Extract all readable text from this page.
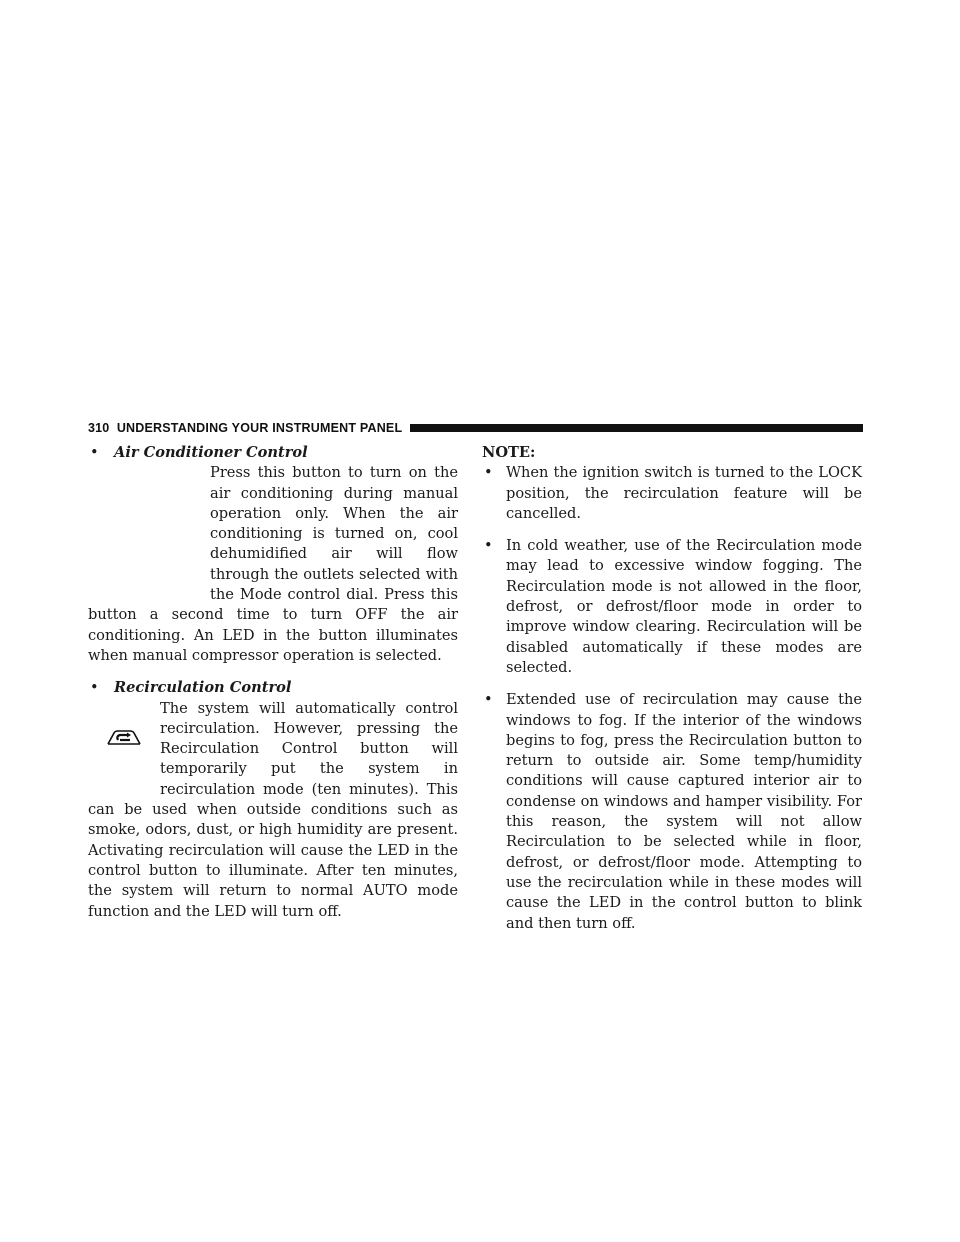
310 UNDERSTANDING YOUR INSTRUMENT PANEL
•	Air Conditioner Control

Press this button to turn on the air conditioning during manual operation only. When the air conditioning is turned on, cool dehumidified air will flow through the outlets selected with the Mode control dial. Press this button a second time to turn OFF the air conditioning. An LED in the button illuminates when manual compressor operation is selected.

•	Recirculation Control

The system will automatically control recirculation. However, pressing the Recirculation Control button will temporarily put the system in recirculation mode (ten minutes). This can be used when outside conditions such as smoke, odors, dust, or high humidity are present. Activating recirculation will cause the LED in the control button to illuminate. After ten minutes, the system will return to normal AUTO mode function and the LED will turn off.

NOTE:
• When the ignition switch is turned to the LOCK position, the recirculation feature will be cancelled.
• In cold weather, use of the Recirculation mode may lead to excessive window fogging. The Recirculation mode is not allowed in the floor, defrost, or defrost/floor mode in order to improve window clearing. Recirculation will be disabled automatically if these modes are selected.
• Extended use of recirculation may cause the windows to fog. If the interior of the windows begins to fog, press the Recirculation button to return to outside air. Some temp/humidity conditions will cause captured interior air to condense on windows and hamper visibility. For this reason, the system will not allow Recirculation to be selected while in floor, defrost, or defrost/floor mode. Attempting to use the recirculation while in these modes will cause the LED in the control button to blink and then turn off.
